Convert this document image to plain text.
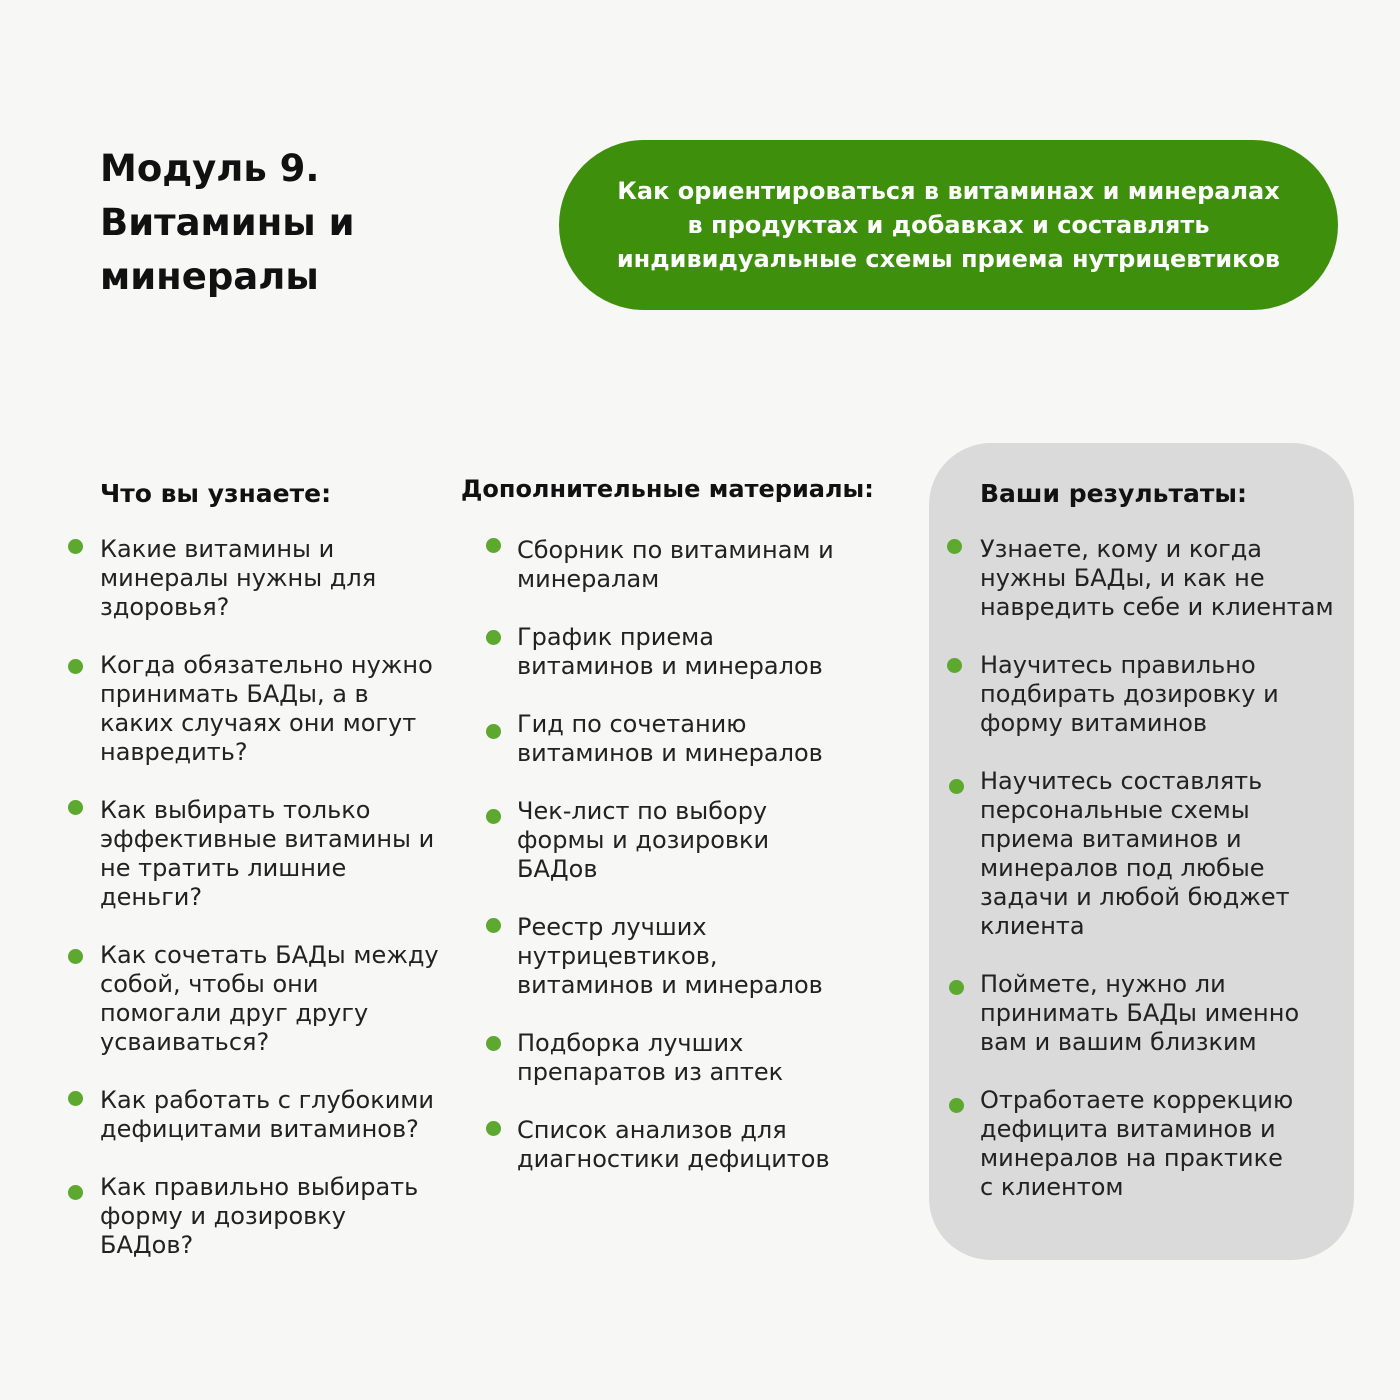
Модуль 9.
Витамины и
минералы
Как ориентироваться в витаминах и минералах
в продуктах и добавках и составлять
индивидуальные схемы приема нутрицевтиков
Что вы узнаете:
Какие витамины и
минералы нужны для
здоровья?
Когда обязательно нужно
принимать БАДы, а в
каких случаях они могут
навредить?
Как выбирать только
эффективные витамины и
не тратить лишние
деньги?
Как сочетать БАДы между
собой, чтобы они
помогали друг другу
усваиваться?
Как работать с глубокими
дефицитами витаминов?
Как правильно выбирать
форму и дозировку
БАДов?
Дополнительные материалы:
Сборник по витаминам и
минералам
График приема
витаминов и минералов
Гид по сочетанию
витаминов и минералов
Чек-лист по выбору
формы и дозировки
БАДов
Реестр лучших
нутрицевтиков,
витаминов и минералов
Подборка лучших
препаратов из аптек
Список анализов для
диагностики дефицитов
Ваши результаты:
Узнаете, кому и когда
нужны БАДы, и как не
навредить себе и клиентам
Научитесь правильно
подбирать дозировку и
форму витаминов
Научитесь составлять
персональные схемы
приема витаминов и
минералов под любые
задачи и любой бюджет
клиента
Поймете, нужно ли
принимать БАДы именно
вам и вашим близким
Отработаете коррекцию
дефицита витаминов и
минералов на практике
с клиентом
